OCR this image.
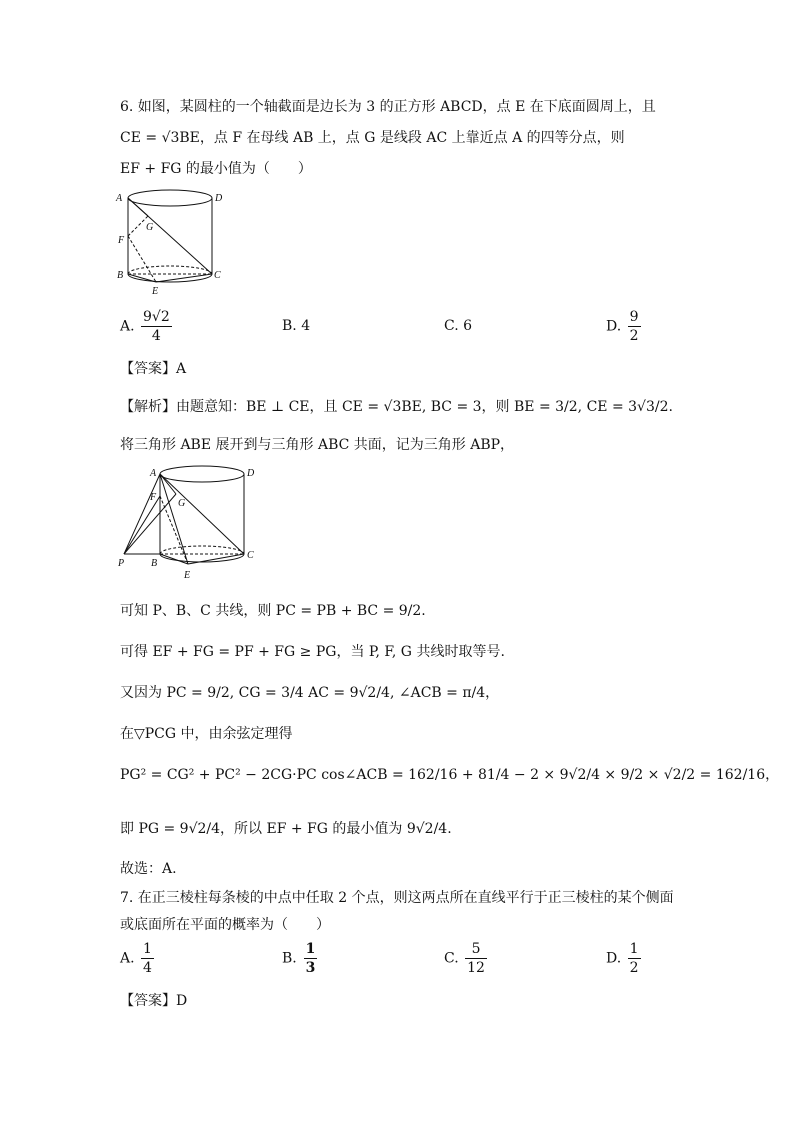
6. 如图，某圆柱的一个轴截面是边长为 3 的正方形 ABCD，点 E 在下底面圆周上，且
CE = √3BE，点 F 在母线 AB 上，点 G 是线段 AC 上靠近点 A 的四等分点，则
EF + FG 的最小值为（　　）
A	D
F
G
B	C
E
A. $\frac{9√2}{4}$	B. 4	C. 6	D. $\frac{9}{2}$
【答案】A
【解析】由题意知：BE ⊥ CE，且 CE = √3BE, BC = 3，则 BE = 3/2, CE = 3√3/2.
将三角形 ABE 展开到与三角形 ABC 共面，记为三角形 ABP，
A	D
F
G
P	B
C
E
可知 P、B、C 共线，则 PC = PB + BC = 9/2.
可得 EF + FG = PF + FG ≥ PG，当 P, F, G 共线时取等号.
又因为 PC = 9/2, CG = 3/4 AC = 9√2/4, ∠ACB = π/4，
在▽PCG 中，由余弦定理得
PG² = CG² + PC² − 2CG·PC cos∠ACB = 162/16 + 81/4 − 2 × 9√2/4 × 9/2 × √2/2 = 162/16，
即 PG = 9√2/4，所以 EF + FG 的最小值为 9√2/4.
故选：A.
7. 在正三棱柱每条棱的中点中任取 2 个点，则这两点所在直线平行于正三棱柱的某个侧面
或底面所在平面的概率为（　　）
A. $\frac{1}{4}$	B. $\frac{1}{3}$	C. $\frac{5}{12}$	D. $\frac{1}{2}$
【答案】D
